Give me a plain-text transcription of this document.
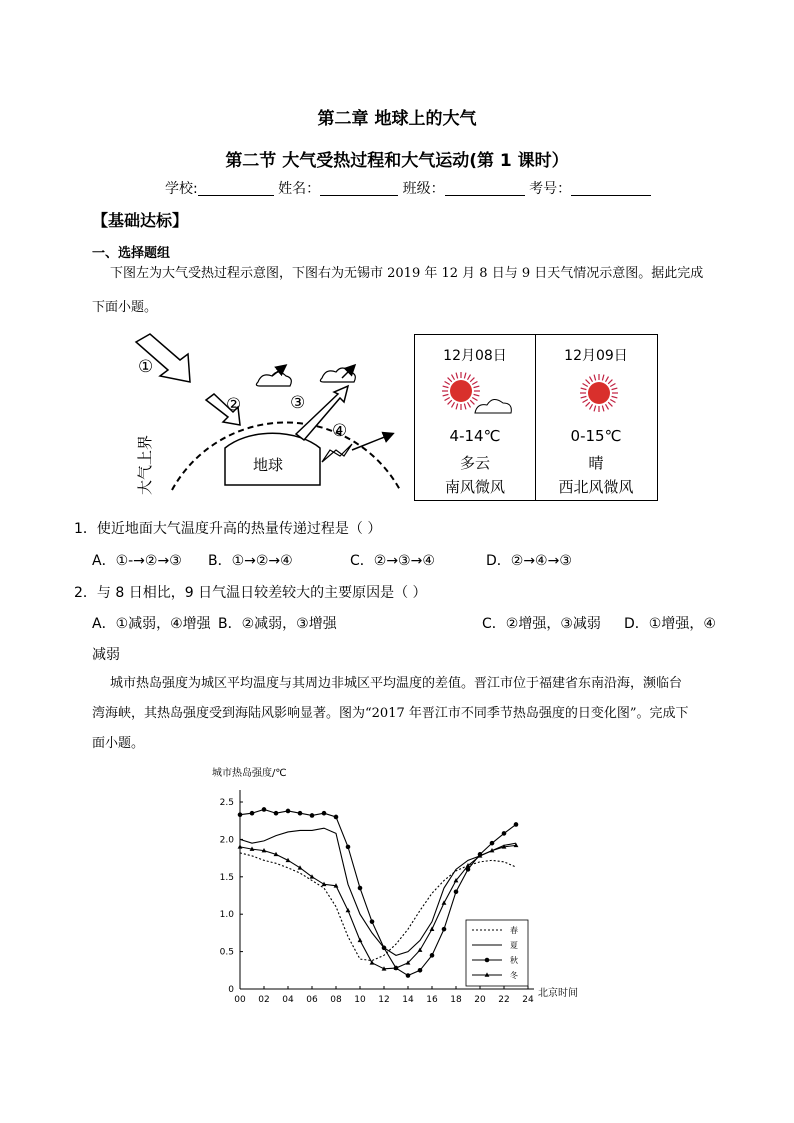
第二章 地球上的大气
第二节 大气受热过程和大气运动(第 1 课时）
学校:	姓名：	班级：	考号：
【基础达标】
一、选择题组
下图左为大气受热过程示意图，下图右为无锡市 2019 年 12 月 8 日与 9 日天气情况示意图。据此完成
下面小题。
地球
大气上界
①
②	③
④
12月08日
4-14℃
多云
南风微风
12月09日
0-15℃
晴
西北风微风
1．使近地面大气温度升高的热量传递过程是（ ）
A．①-→②→③ B．①→②→④	C．②→③→④	D．②→④→③
2．与 8 日相比，9 日气温日较差较大的主要原因是（ ）
A．①减弱，④增强 B．②减弱，③增强	C．②增强，③减弱 D．①增强，④
减弱
城市热岛强度为城区平均温度与其周边非城区平均温度的差值。晋江市位于福建省东南沿海，濒临台
湾海峡，其热岛强度受到海陆风影响显著。图为“2017 年晋江市不同季节热岛强度的日变化图”。完成下
面小题。
城市热岛强度/℃
北京时间
00 02 04 06 08 10 12 14 16 18 20 22 24
0
0.5
1.0
1.5
2.0
2.5
春
夏
秋
冬
